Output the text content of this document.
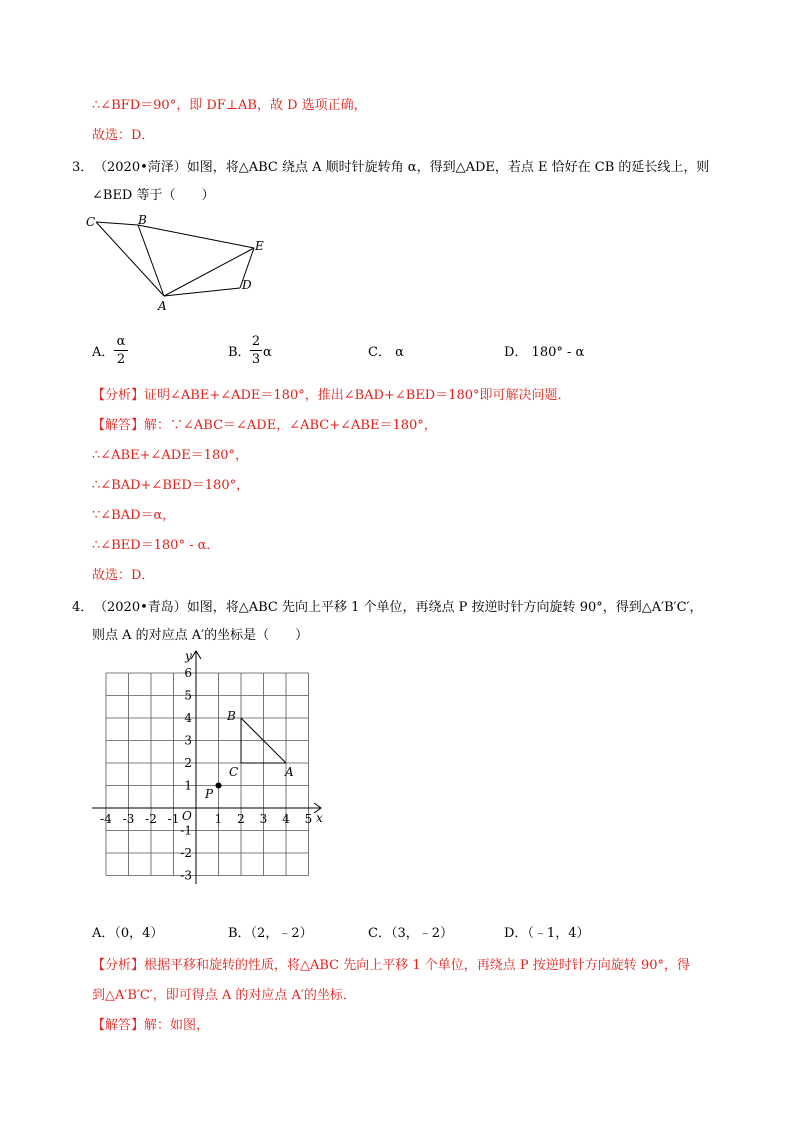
∴∠BFD＝90°，即 DF⊥AB，故 D 选项正确，
故选：D．
3． （2020•菏泽）如图，将△ABC 绕点 A 顺时针旋转角 α，得到△ADE，若点 E 恰好在 CB 的延长线上，则
∠BED 等于（　　）
C	B
E
D
A
A．
α
2	B．
2
3 α	C． α	D． 180° - α
【分析】证明∠ABE+∠ADE＝180°，推出∠BAD+∠BED＝180°即可解决问题．
【解答】解：∵∠ABC＝∠ADE，∠ABC+∠ABE＝180°，
∴∠ABE+∠ADE＝180°，
∴∠BAD+∠BED＝180°，
∵∠BAD＝α，
∴∠BED＝180° - α．
故选：D．
4． （2020•青岛）如图，将△ABC 先向上平移 1 个单位，再绕点 P 按逆时针方向旋转 90°，得到△A′B′C′，
则点 A 的对应点 A′的坐标是（　　）
B
C	A
P
O	x
y
-4 -3 -2 -1	1 2 3 4 5
6
5
4
3
2
1
-1
-2
-3
A．（0，4）	B．（2，﹣2）	C．（3，﹣2）	D．（﹣1，4）
【分析】根据平移和旋转的性质，将△ABC 先向上平移 1 个单位，再绕点 P 按逆时针方向旋转 90°，得
到△A′B′C′，即可得点 A 的对应点 A′的坐标．
【解答】解：如图，
